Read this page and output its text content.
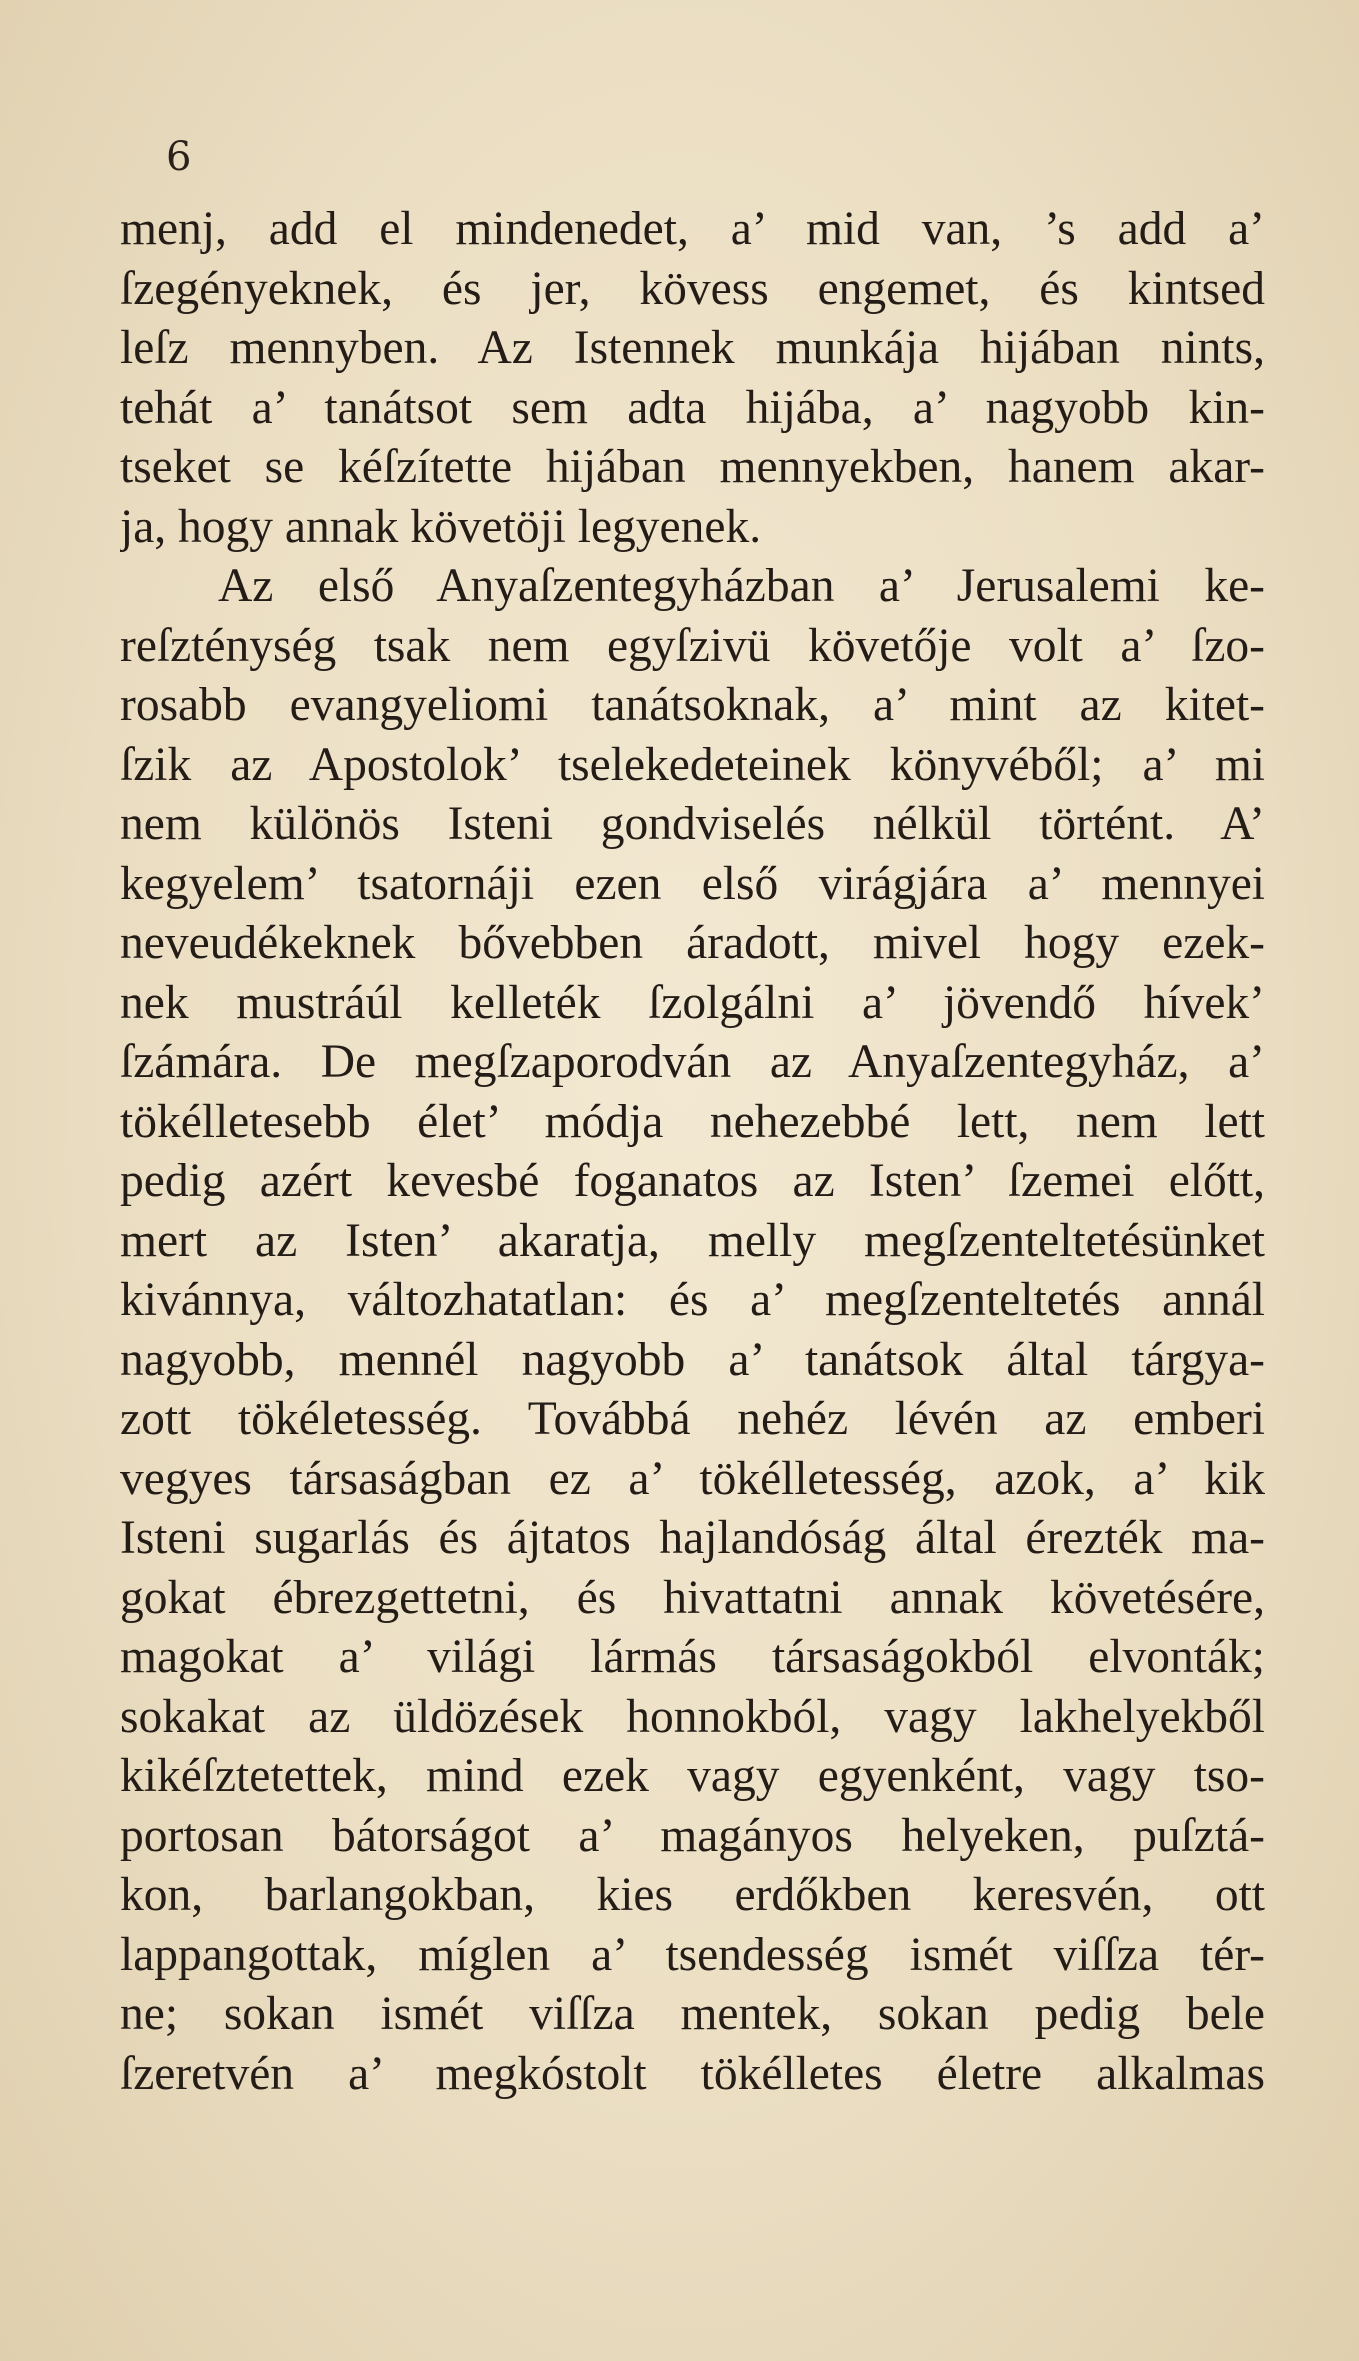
6
menj, add el mindenedet, a’ mid van, ’s add a’
ſzegényeknek, és jer, kövess engemet, és kintsed
leſz mennyben. Az Istennek munkája hijában nints,
tehát a’ tanátsot sem adta hijába, a’ nagyobb kin-
tseket se kéſzítette hijában mennyekben, hanem akar-
ja, hogy annak követöji legyenek.
Az első Anyaſzentegyházban a’ Jerusalemi ke-
reſzténység tsak nem egyſzivü követője volt a’ ſzo-
rosabb evangyeliomi tanátsoknak, a’ mint az kitet-
ſzik az Apostolok’ tselekedeteinek könyvéből; a’ mi
nem különös Isteni gondviselés nélkül történt. A’
kegyelem’ tsatornáji ezen első virágjára a’ mennyei
neveudékeknek bővebben áradott, mivel hogy ezek-
nek mustráúl kelleték ſzolgálni a’ jövendő hívek’
ſzámára. De megſzaporodván az Anyaſzentegyház, a’
tökélletesebb élet’ módja nehezebbé lett, nem lett
pedig azért kevesbé foganatos az Isten’ ſzemei előtt,
mert az Isten’ akaratja, melly megſzenteltetésünket
kivánnya, változhatatlan: és a’ megſzenteltetés annál
nagyobb, mennél nagyobb a’ tanátsok által tárgya-
zott tökéletesség. Továbbá nehéz lévén az emberi
vegyes társaságban ez a’ tökélletesség, azok, a’ kik
Isteni sugarlás és ájtatos hajlandóság által érezték ma-
gokat ébrezgettetni, és hivattatni annak követésére,
magokat a’ világi lármás társaságokból elvonták;
sokakat az üldözések honnokból, vagy lakhelyekből
kikéſztetettek, mind ezek vagy egyenként, vagy tso-
portosan bátorságot a’ magányos helyeken, puſztá-
kon, barlangokban, kies erdőkben keresvén, ott
lappangottak, míglen a’ tsendesség ismét viſſza tér-
ne; sokan ismét viſſza mentek, sokan pedig bele
ſzeretvén a’ megkóstolt tökélletes életre alkalmas
